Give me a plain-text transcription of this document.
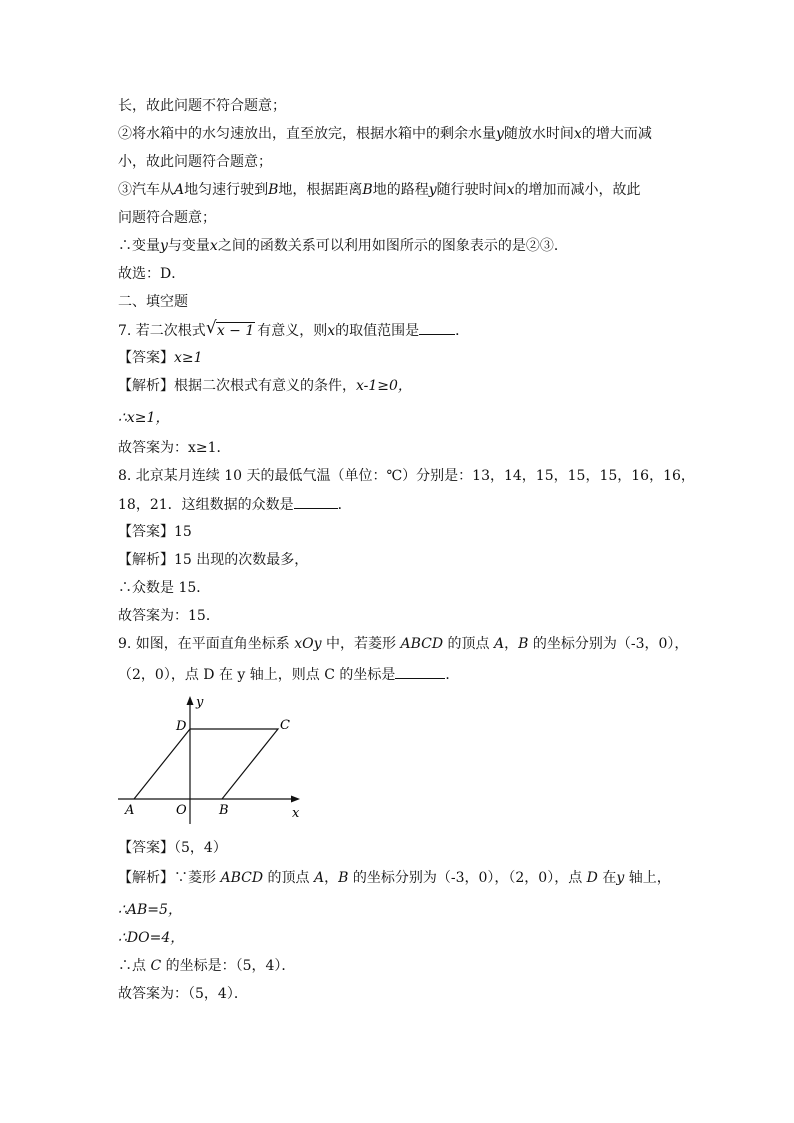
长，故此问题不符合题意；
②将水箱中的水匀速放出，直至放完，根据水箱中的剩余水量y随放水时间x的增大而减
小，故此问题符合题意；
③汽车从A地匀速行驶到B地，根据距离B地的路程y随行驶时间x的增加而减小，故此
问题符合题意；
∴变量y与变量x之间的函数关系可以利用如图所示的图象表示的是②③．
故选：D．
二、填空题
7. 若二次根式 √ x − 1 有意义，则x的取值范围是	．
【答案】x≥1
【解析】根据二次根式有意义的条件，x-1≥0，
∴x≥1，
故答案为：x≥1．
8. 北京某月连续 10 天的最低气温（单位：℃）分别是：13，14，15，15，15，16，16，
18，21．这组数据的众数是	．
【答案】15
【解析】15 出现的次数最多，
∴众数是 15．
故答案为：15．
9. 如图，在平面直角坐标系 xOy 中，若菱形 ABCD 的顶点 A，B 的坐标分别为（-3，0），
（2，0），点 D 在 y 轴上，则点 C 的坐标是	．
y
D	C
A	O B	x
【答案】（5，4）
【解析】∵菱形 ABCD 的顶点 A，B 的坐标分别为（-3，0），（2，0），点 D 在y 轴上，
∴AB=5，
∴DO=4，
∴点 C 的坐标是：（5，4）．
故答案为：（5，4）．
